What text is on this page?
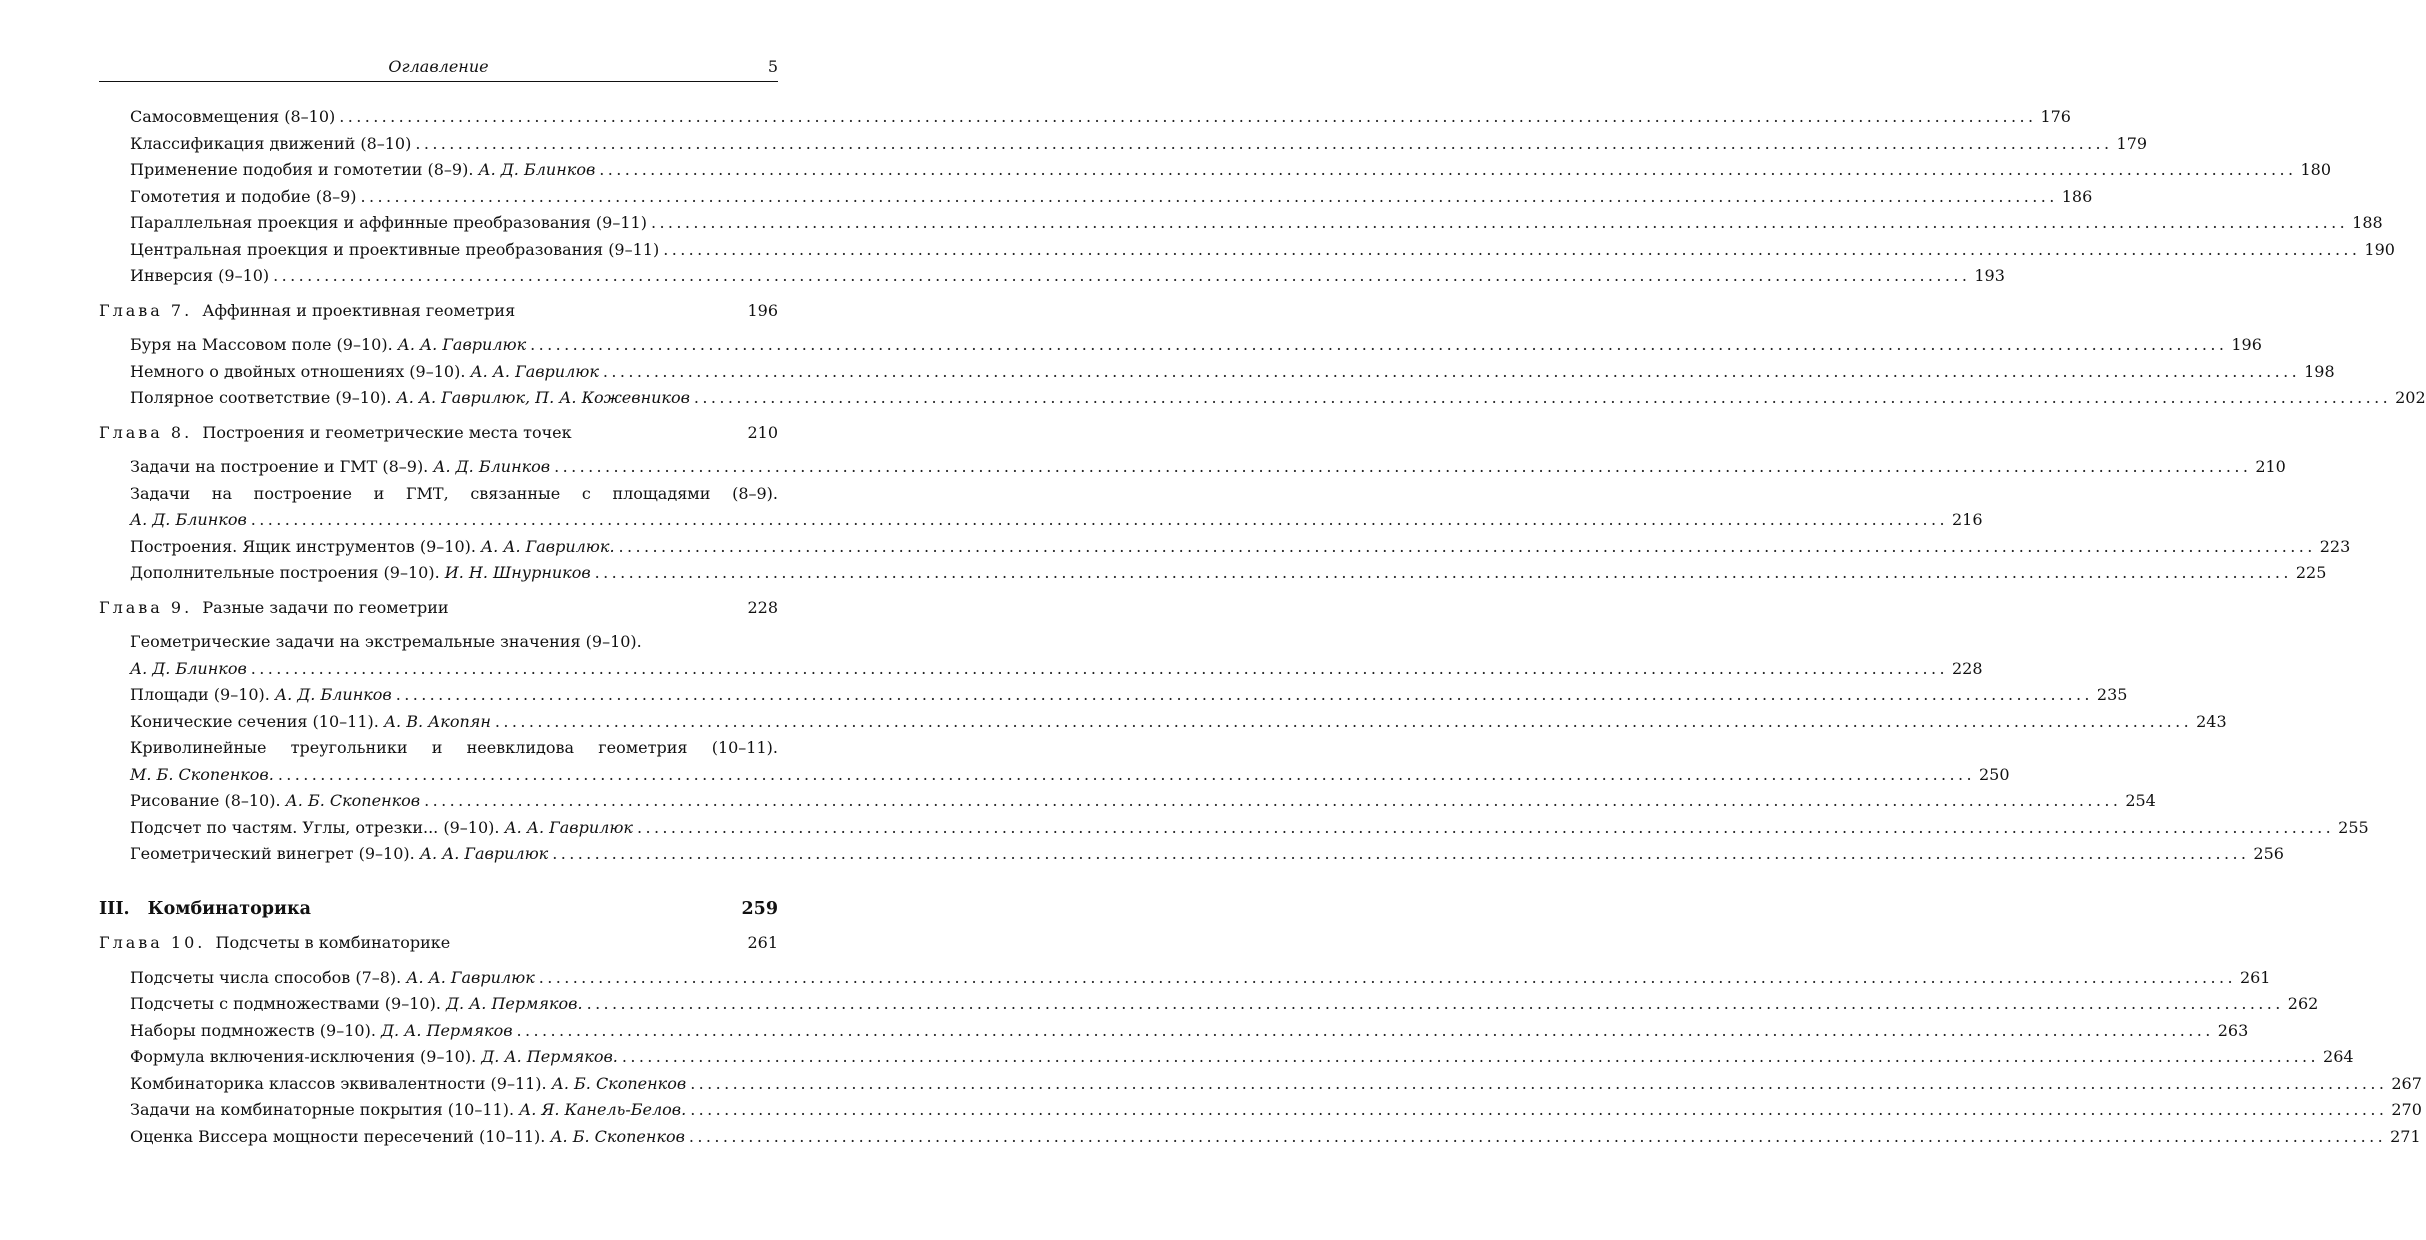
Оглавление	5
Самосовмещения (8–10) ........................................................................................................................................................................................................ 176
Классификация движений (8–10) ........................................................................................................................................................................................................ 179
Применение подобия и гомотетии (8–9). А. Д. Блинков ........................................................................................................................................................................................................ 180
Гомотетия и подобие (8–9) ........................................................................................................................................................................................................ 186
Параллельная проекция и аффинные преобразования (9–11) ........................................................................................................................................................................................................ 188
Центральная проекция и проективные преобразования (9–11) ........................................................................................................................................................................................................ 190
Инверсия (9–10) ........................................................................................................................................................................................................ 193
Глава 7. Аффинная и проективная геометрия	196
Буря на Массовом поле (9–10). А. А. Гаврилюк ........................................................................................................................................................................................................ 196
Немного о двойных отношениях (9–10). А. А. Гаврилюк ........................................................................................................................................................................................................ 198
Полярное соответствие (9–10). А. А. Гаврилюк, П. А. Кожевников ........................................................................................................................................................................................................ 202
Глава 8. Построения и геометрические места точек	210
Задачи на построение и ГМТ (8–9). А. Д. Блинков ........................................................................................................................................................................................................ 210
Задачи на построение и ГМТ, связанные с площадями (8–9).
А. Д. Блинков ........................................................................................................................................................................................................ 216
Построения. Ящик инструментов (9–10). А. А. Гаврилюк. ........................................................................................................................................................................................................ 223
Дополнительные построения (9–10). И. Н. Шнурников ........................................................................................................................................................................................................ 225
Глава 9. Разные задачи по геометрии	228
Геометрические задачи на экстремальные значения (9–10).
А. Д. Блинков ........................................................................................................................................................................................................ 228
Площади (9–10). А. Д. Блинков ........................................................................................................................................................................................................ 235
Конические сечения (10–11). А. В. Акопян ........................................................................................................................................................................................................ 243
Криволинейные треугольники и неевклидова геометрия (10–11).
М. Б. Скопенков. ........................................................................................................................................................................................................ 250
Рисование (8–10). А. Б. Скопенков ........................................................................................................................................................................................................ 254
Подсчет по частям. Углы, отрезки... (9–10). А. А. Гаврилюк ........................................................................................................................................................................................................ 255
Геометрический винегрет (9–10). А. А. Гаврилюк ........................................................................................................................................................................................................ 256
III. Комбинаторика	259
Глава 10. Подсчеты в комбинаторике	261
Подсчеты числа способов (7–8). А. А. Гаврилюк ........................................................................................................................................................................................................ 261
Подсчеты с подмножествами (9–10). Д. А. Пермяков. ........................................................................................................................................................................................................ 262
Наборы подмножеств (9–10). Д. А. Пермяков ........................................................................................................................................................................................................ 263
Формула включения-исключения (9–10). Д. А. Пермяков. ........................................................................................................................................................................................................ 264
Комбинаторика классов эквивалентности (9–11). А. Б. Скопенков ........................................................................................................................................................................................................ 267
Задачи на комбинаторные покрытия (10–11). А. Я. Канель-Белов. ........................................................................................................................................................................................................ 270
Оценка Виссера мощности пересечений (10–11). А. Б. Скопенков ........................................................................................................................................................................................................ 271
